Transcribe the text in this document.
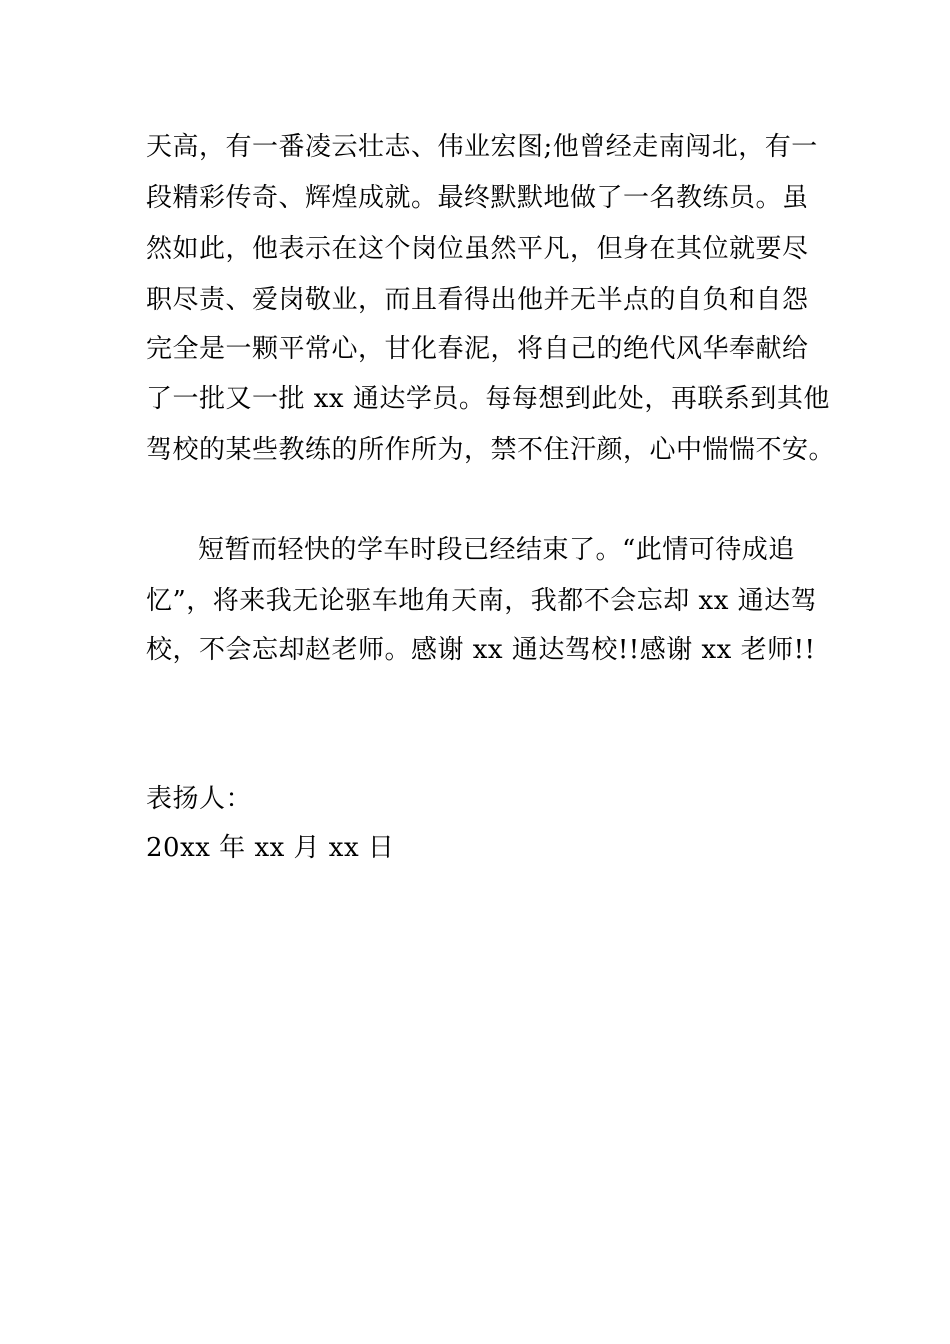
天高，有一番凌云壮志、伟业宏图;他曾经走南闯北，有一
段精彩传奇、辉煌成就。最终默默地做了一名教练员。虽
然如此，他表示在这个岗位虽然平凡，但身在其位就要尽
职尽责、爱岗敬业，而且看得出他并无半点的自负和自怨
完全是一颗平常心，甘化春泥，将自己的绝代风华奉献给
了一批又一批 xx 通达学员。每每想到此处，再联系到其他
驾校的某些教练的所作所为，禁不住汗颜，心中惴惴不安。
短暂而轻快的学车时段已经结束了。“此情可待成追
忆”，将来我无论驱车地角天南，我都不会忘却 xx 通达驾
校，不会忘却赵老师。感谢 xx 通达驾校!!感谢 xx 老师!!
表扬人：
20xx 年 xx 月 xx 日
